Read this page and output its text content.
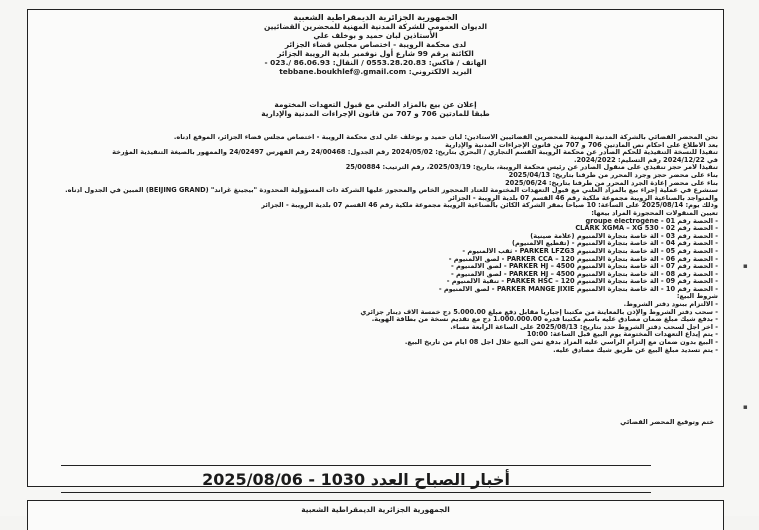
الجمهورية الجزائرية الديمقراطية الشعبية
الديوان العمومي للشركة المدنية المهنية للمحضرين القضائيين
الأستاذين لبان حميد و بوخلف علي
لدى محكمة الرويبة - اختصاص مجلس قضاء الجزائر
الكائنة برقم 99 شارع أول نوفمبر بلدية الرويبة الجزائر
الهاتف / فاكس: 0553.28.20.83 / النقال: 86.06.93 /.023 -
البريد الالكتروني: tebbane.boukhlef@.gmail.com
إعلان عن بيع بالمزاد العلني مع قبول التعهدات المختومة
طبقا للمادتين 706 و 707 من قانون الإجراءات المدنية والإدارية
نحن المحضر القضائي بالشركة المدنية المهنية للمحضرين القضائيين الأستاذين: لبان حميد و بوخلف علي لدى محكمة الرويبة - اختصاص مجلس قضاء الجزائر، الموقع أدناه.
بعد الاطلاع على أحكام نص المادتين 706 و 707 من قانون الإجراءات المدنية والإدارية
تنفيذا للنسخة التنفيذية للحكم الصادر عن محكمة الرويبة القسم التجاري / البحري بتاريخ: 2024/05/02 رقم الجدول: 24/00468 رقم الفهرس 24/02497 والممهور بالصيغة التنفيذية المؤرخة
في 2024/12/22 رقم التسليم: 2024/2022.
تنفيذا لأمر حجز تنفيذي على منقول الصادر عن رئيس محكمة الرويبة، بتاريخ: 2025/03/19، رقم الترتيب: 25/00884
بناء على محضر حجز وجرد المحرر من طرفنا بتاريخ: 2025/04/13
بناء على محضر إعادة الجرد المحرر من طرفنا بتاريخ: 2025/06/24
سنشرع في عملية إجراء بيع بالمزاد العلني مع قبول التعهدات المختومة للعتاد المحجوز الخاص والمحجوز عليها الشركة ذات المسؤولية المحدودة "بيجينغ غراند" (BEIJING GRAND) المبين في الجدول أدناه.
والمتواجد بالصناعية الرويبة مجموعة ملكية رقم 46 القسم 07 بلدية الرويبة - الجزائر
وذلك يوم: 2025/08/14 على الساعة: 10 صباحا بمقر الشركة الكائن بالصناعية الرويبة مجموعة ملكية رقم 46 القسم 07 بلدية الرويبة - الجزائر
تعيين المنقولات المحجوزة المراد بيعها:
- الحصة رقم 01 - groupe électrogène
- الحصة رقم 02 - CLARK XGMA – XG 530
- الحصة رقم 03 - آلة خاصة بتجارة الألمنيوم (علامة صينية)
- الحصة رقم 04 - آلة خاصة بتجارة الألمنيوم - (تقطيع الألمنيوم)
- الحصة رقم 05 - آلة خاصة بتجارة الألمنيوم PARKER LFZG3 - ثقب الألمنيوم -
- الحصة رقم 06 - آلة خاصة بتجارة الألمنيوم 120 – PARKER CCA - لصق الألمنيوم -
- الحصة رقم 07 - آلة خاصة بتجارة الألمنيوم 4500 – PARKER HJ - لصق الألمنيوم -
- الحصة رقم 08 - آلة خاصة بتجارة الألمنيوم 4500 – PARKER HJ - لصق الألمنيوم -
- الحصة رقم 09 - آلة خاصة بتجارة الألمنيوم 120 – PARKER HSC - تنقية الألمنيوم -
- الحصة رقم 10 - آلة خاصة بتجارة الألمنيوم PARKER MANGE JIXIE - لصق الألمنيوم -
شروط البيع:
- الالتزام ببنود دفتر الشروط.
- سحب دفتر الشروط والإذن بالمعاينة من مكتبنا إجباريا مقابل دفع مبلغ 5.000.00 دج خمسة آلاف دينار جزائري
- بدفع شيك مبلغ ضمان مصادق عليه باسم مكتبنا قدره 1.000.000.00 دج مع تقديم نسخة من بطاقة الهوية.
- آخر أجل لسحب دفتر الشروط حدد بتاريخ: 2025/08/13 على الساعة الرابعة مساء.
- يتم إيداع التعهدات المختومة يوم البيع قبل الساعة: 10:00
- البيع بدون ضمان مع إلتزام الراسي عليه المزاد بدفع ثمن البيع خلال أجل 08 أيام من تاريخ البيع.
- يتم تسديد مبلغ البيع عن طريق شيك مصادق عليه.
ختم وتوقيع المحضر القضائي
أخبار الصباح العدد 1030 - 2025/08/06
▪
▪
الجمهورية الجزائرية الديمقراطية الشعبية
